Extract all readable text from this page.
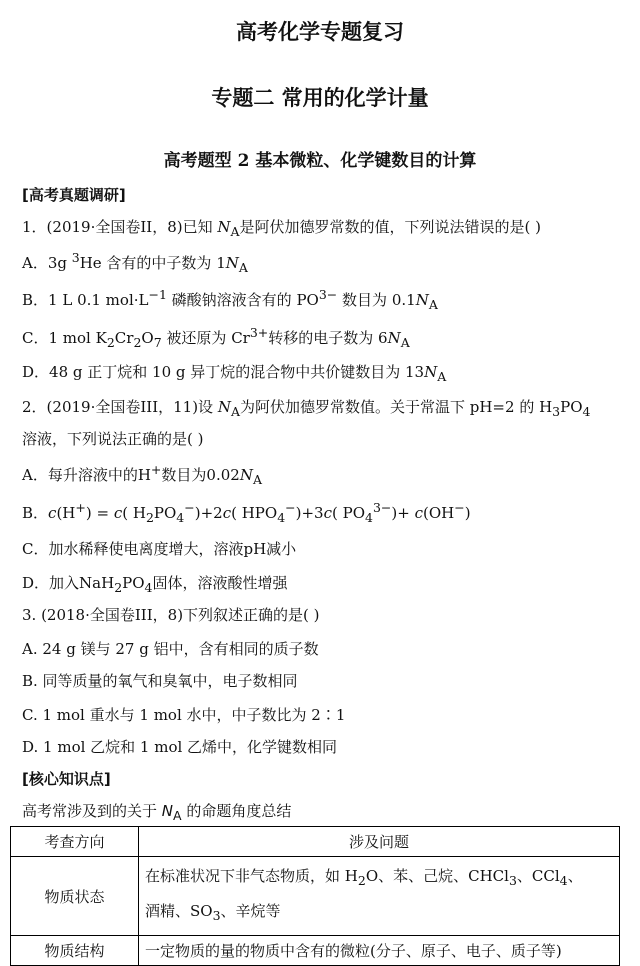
高考化学专题复习
专题二 常用的化学计量
高考题型 2 基本微粒、化学键数目的计算
[高考真题调研]
1．(2019·全国卷II，8)已知 $N_A$是阿伏加德罗常数的值，下列说法错误的是( )
A．3g $^3$He 含有的中子数为 $1N_A$
B．1 L 0.1 $mol\cdot L^{-1}$ 磷酸钠溶液含有的 $PO^{3-}$ 数目为 $0.1N_A$
C．1 mol $K_2Cr_2O_7$ 被还原为 $Cr^{3+}$转移的电子数为 $6N_A$
D．48 g 正丁烷和 10 g 异丁烷的混合物中共价键数目为 $13N_A$
2．(2019·全国卷III，11)设 $N_A$为阿伏加德罗常数值。关于常温下 pH=2 的 $H_3PO_4$
溶液，下列说法正确的是( )
A．每升溶液中的H+数目为$0.02N_A$
B．c(H+) = c( $H_2PO_4^-)+2c$( $HPO_4^-)+3c$( $PO_4^{3-})+ c(OH^-)$
C．加水稀释使电离度增大，溶液pH减小
D．加入$NaH_2PO_4$固体，溶液酸性增强
3. (2018·全国卷III，8)下列叙述正确的是( )
A. 24 g 镁与 27 g 铝中，含有相同的质子数
B. 同等质量的氧气和臭氧中，电子数相同
C. 1 mol 重水与 1 mol 水中，中子数比为 2∶1
D. 1 mol 乙烷和 1 mol 乙烯中，化学键数相同
[核心知识点]
高考常涉及到的关于 $N_A$ 的命题角度总结
考查方向	涉及问题
物质状态	在标准状况下非气态物质，如 $H_2O$、苯、己烷、CHCl$_3$、CCl$_4$、
酒精、$SO_3$、辛烷等
物质结构	一定物质的量的物质中含有的微粒(分子、原子、电子、质子等)
